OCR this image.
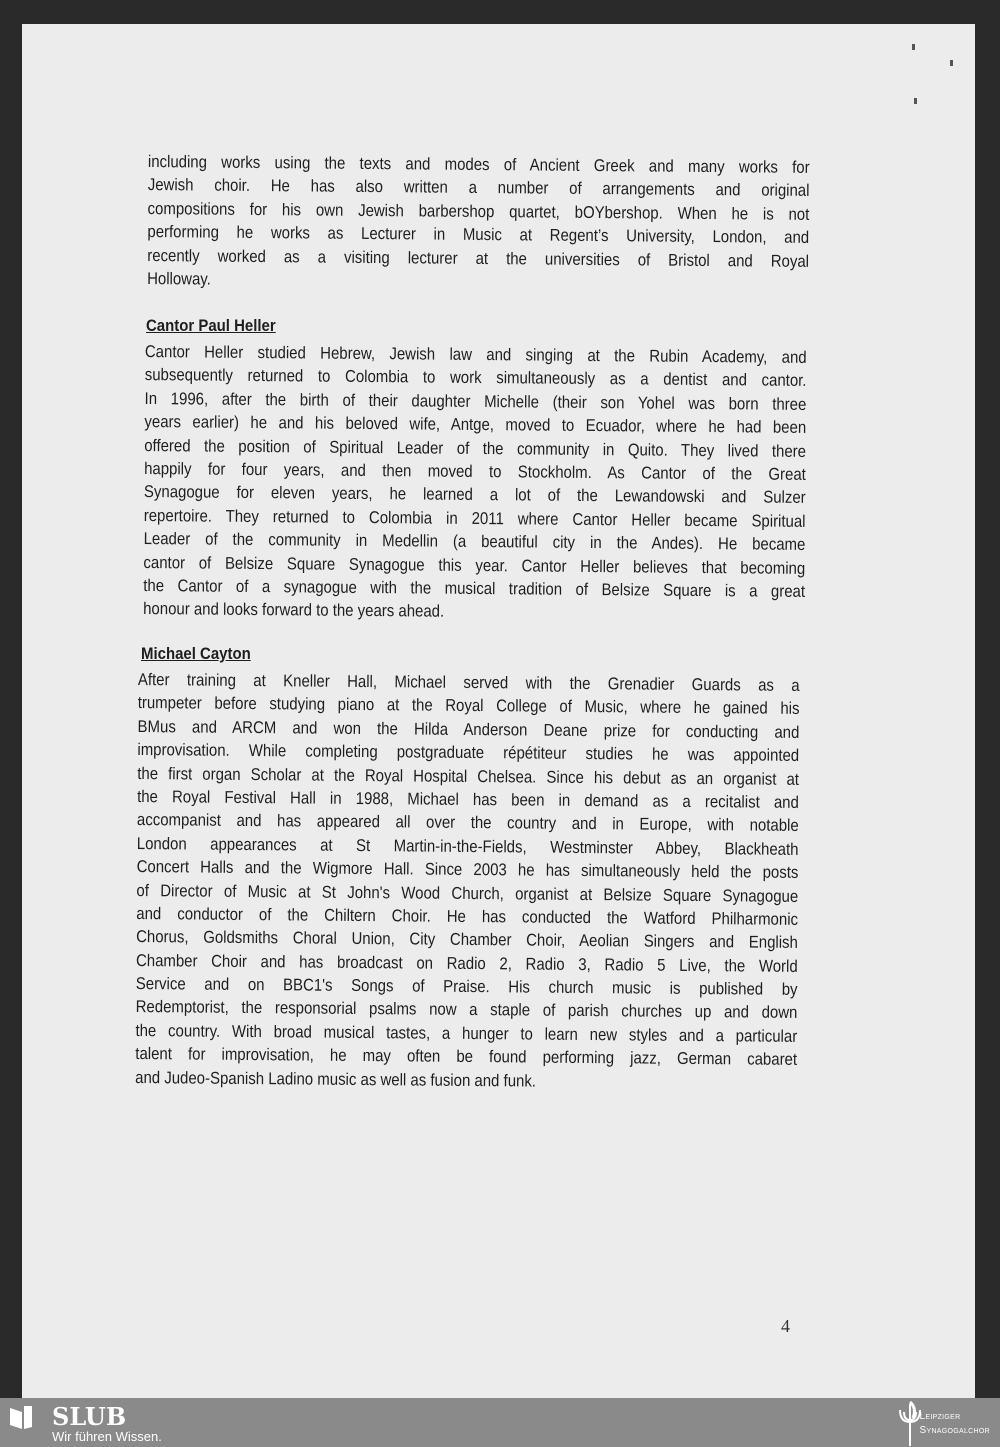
including works using the texts and modes of Ancient Greek and many works for
Jewish choir. He has also written a number of arrangements and original
compositions for his own Jewish barbershop quartet, bOYbershop. When he is not
performing he works as Lecturer in Music at Regent’s University, London, and
recently worked as a visiting lecturer at the universities of Bristol and Royal
Holloway.
Cantor Paul Heller
Cantor Heller studied Hebrew, Jewish law and singing at the Rubin Academy, and
subsequently returned to Colombia to work simultaneously as a dentist and cantor.
In 1996, after the birth of their daughter Michelle (their son Yohel was born three
years earlier) he and his beloved wife, Antge, moved to Ecuador, where he had been
offered the position of Spiritual Leader of the community in Quito. They lived there
happily for four years, and then moved to Stockholm. As Cantor of the Great
Synagogue for eleven years, he learned a lot of the Lewandowski and Sulzer
repertoire. They returned to Colombia in 2011 where Cantor Heller became Spiritual
Leader of the community in Medellin (a beautiful city in the Andes). He became
cantor of Belsize Square Synagogue this year. Cantor Heller believes that becoming
the Cantor of a synagogue with the musical tradition of Belsize Square is a great
honour and looks forward to the years ahead.
Michael Cayton
After training at Kneller Hall, Michael served with the Grenadier Guards as a
trumpeter before studying piano at the Royal College of Music, where he gained his
BMus and ARCM and won the Hilda Anderson Deane prize for conducting and
improvisation. While completing postgraduate répétiteur studies he was appointed
the first organ Scholar at the Royal Hospital Chelsea. Since his debut as an organist at
the Royal Festival Hall in 1988, Michael has been in demand as a recitalist and
accompanist and has appeared all over the country and in Europe, with notable
London appearances at St Martin-in-the-Fields, Westminster Abbey, Blackheath
Concert Halls and the Wigmore Hall. Since 2003 he has simultaneously held the posts
of Director of Music at St John's Wood Church, organist at Belsize Square Synagogue
and conductor of the Chiltern Choir. He has conducted the Watford Philharmonic
Chorus, Goldsmiths Choral Union, City Chamber Choir, Aeolian Singers and English
Chamber Choir and has broadcast on Radio 2, Radio 3, Radio 5 Live, the World
Service and on BBC1's Songs of Praise. His church music is published by
Redemptorist, the responsorial psalms now a staple of parish churches up and down
the country. With broad musical tastes, a hunger to learn new styles and a particular
talent for improvisation, he may often be found performing jazz, German cabaret
and Judeo-Spanish Ladino music as well as fusion and funk.
4
SLUB
Wir führen Wissen.
Leipziger
Synagogalchor
